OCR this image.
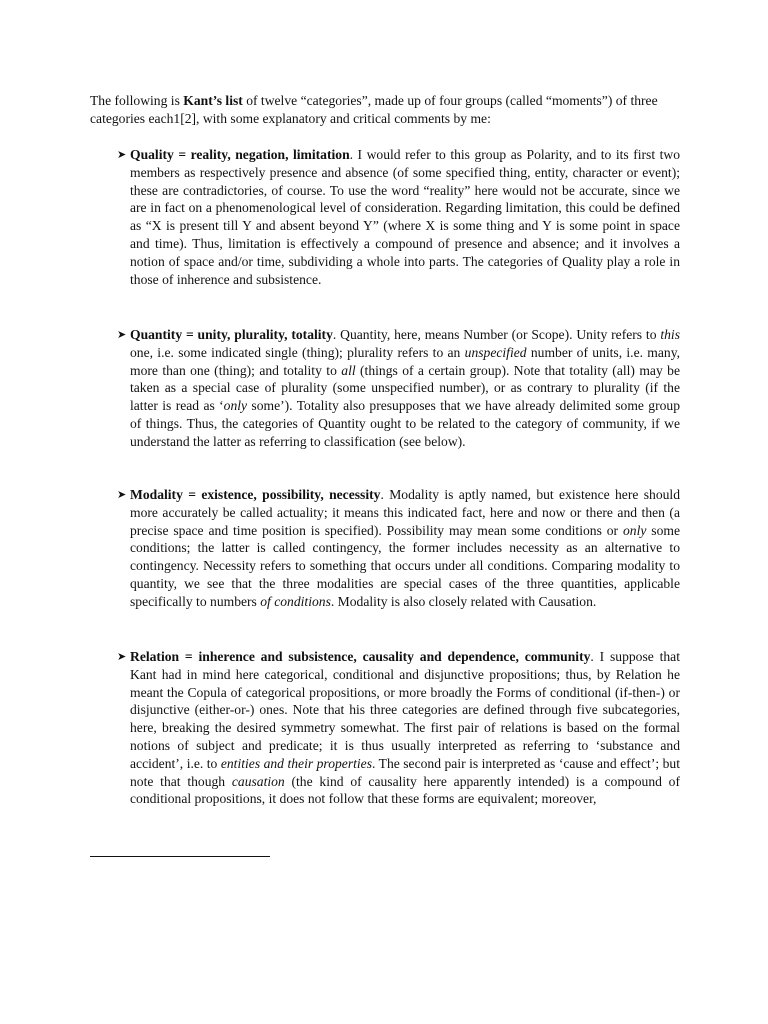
The following is Kant’s list of twelve “categories”, made up of four groups (called “moments”) of three categories each1[2], with some explanatory and critical comments by me:

➤ Quality = reality, negation, limitation. I would refer to this group as Polarity, and to its first two members as respectively presence and absence (of some specified thing, entity, character or event); these are contradictories, of course. To use the word “reality” here would not be accurate, since we are in fact on a phenomenological level of consideration. Regarding limitation, this could be defined as “X is present till Y and absent beyond Y” (where X is some thing and Y is some point in space and time). Thus, limitation is effectively a compound of presence and absence; and it involves a notion of space and/or time, subdividing a whole into parts. The categories of Quality play a role in those of inherence and subsistence.

➤ Quantity = unity, plurality, totality. Quantity, here, means Number (or Scope). Unity refers to this one, i.e. some indicated single (thing); plurality refers to an unspecified number of units, i.e. many, more than one (thing); and totality to all (things of a certain group). Note that totality (all) may be taken as a special case of plurality (some unspecified number), or as contrary to plurality (if the latter is read as ‘only some’). Totality also presupposes that we have already delimited some group of things. Thus, the categories of Quantity ought to be related to the category of community, if we understand the latter as referring to classification (see below).

➤ Modality = existence, possibility, necessity. Modality is aptly named, but existence here should more accurately be called actuality; it means this indicated fact, here and now or there and then (a precise space and time position is specified). Possibility may mean some conditions or only some conditions; the latter is called contingency, the former includes necessity as an alternative to contingency. Necessity refers to something that occurs under all conditions. Comparing modality to quantity, we see that the three modalities are special cases of the three quantities, applicable specifically to numbers of conditions. Modality is also closely related with Causation.

➤ Relation = inherence and subsistence, causality and dependence, community. I suppose that Kant had in mind here categorical, conditional and disjunctive propositions; thus, by Relation he meant the Copula of categorical propositions, or more broadly the Forms of conditional (if-then-) or disjunctive (either-or-) ones. Note that his three categories are defined through five subcategories, here, breaking the desired symmetry somewhat. The first pair of relations is based on the formal notions of subject and predicate; it is thus usually interpreted as referring to ‘substance and accident’, i.e. to entities and their properties. The second pair is interpreted as ‘cause and effect’; but note that though causation (the kind of causality here apparently intended) is a compound of conditional propositions, it does not follow that these forms are equivalent; moreover,
